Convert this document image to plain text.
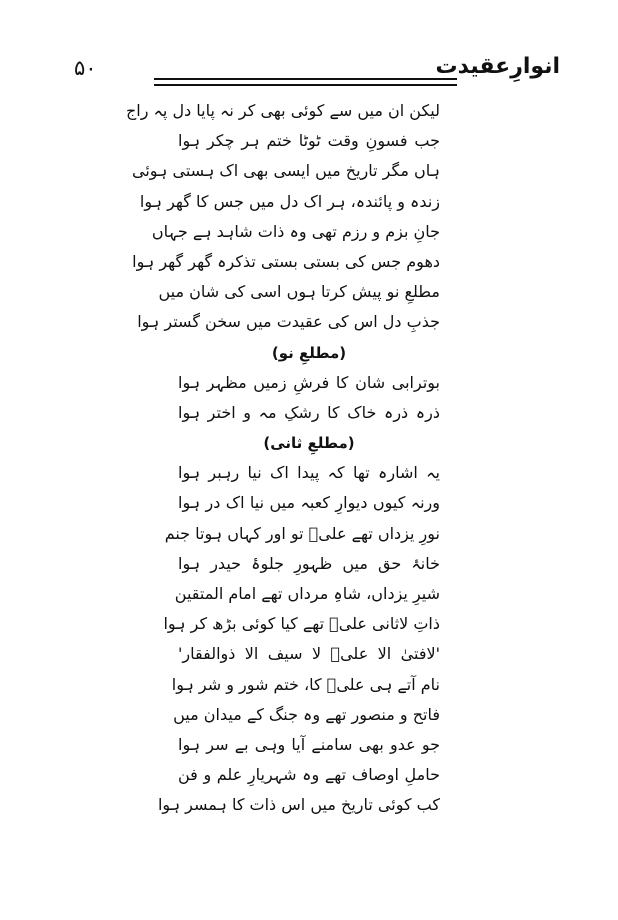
۵۰	انوارِعقیدت
لیکن ان میں سے کوئی بھی کر نہ پایا دل پہ راج
جب فسونِ وقت ٹوٹا ختم ہر چکر ہوا
ہاں مگر تاریخ میں ایسی بھی اک ہستی ہوئی
زندہ و پائندہ، ہر اک دل میں جس کا گھر ہوا
جانِ بزم و رزم تھی وہ ذات شاہد ہے جہاں
دھوم جس کی بستی بستی تذکرہ گھر گھر ہوا
مطلعِ نو پیش کرتا ہوں اسی کی شان میں
جذبِ دل اس کی عقیدت میں سخن گستر ہوا
(مطلعِ نو)
بوترابی شان کا فرشِ زمیں مظہر ہوا
ذرہ ذرہ خاک کا رشکِ مہ و اختر ہوا
(مطلعِ ثانی)
یہ اشارہ تھا کہ پیدا اک نیا رہبر ہوا
ورنہ کیوں دیوارِ کعبہ میں نیا اک در ہوا
نورِ یزداں تھے علیؑ تو اور کہاں ہوتا جنم
خانۂ حق میں ظہورِ جلوۂ حیدر ہوا
شیرِ یزداں، شاہِ مرداں تھے امام المتقین
ذاتِ لاثانی علیؑ تھے کیا کوئی بڑھ کر ہوا
'لافتیٰ الا علیؑ لا سیف الا ذوالفقار'
نام آتے ہی علیؑ کا، ختم شور و شر ہوا
فاتح و منصور تھے وہ جنگ کے میدان میں
جو عدو بھی سامنے آیا وہی بے سر ہوا
حاملِ اوصاف تھے وہ شہریارِ علم و فن
کب کوئی تاریخ میں اس ذات کا ہمسر ہوا
